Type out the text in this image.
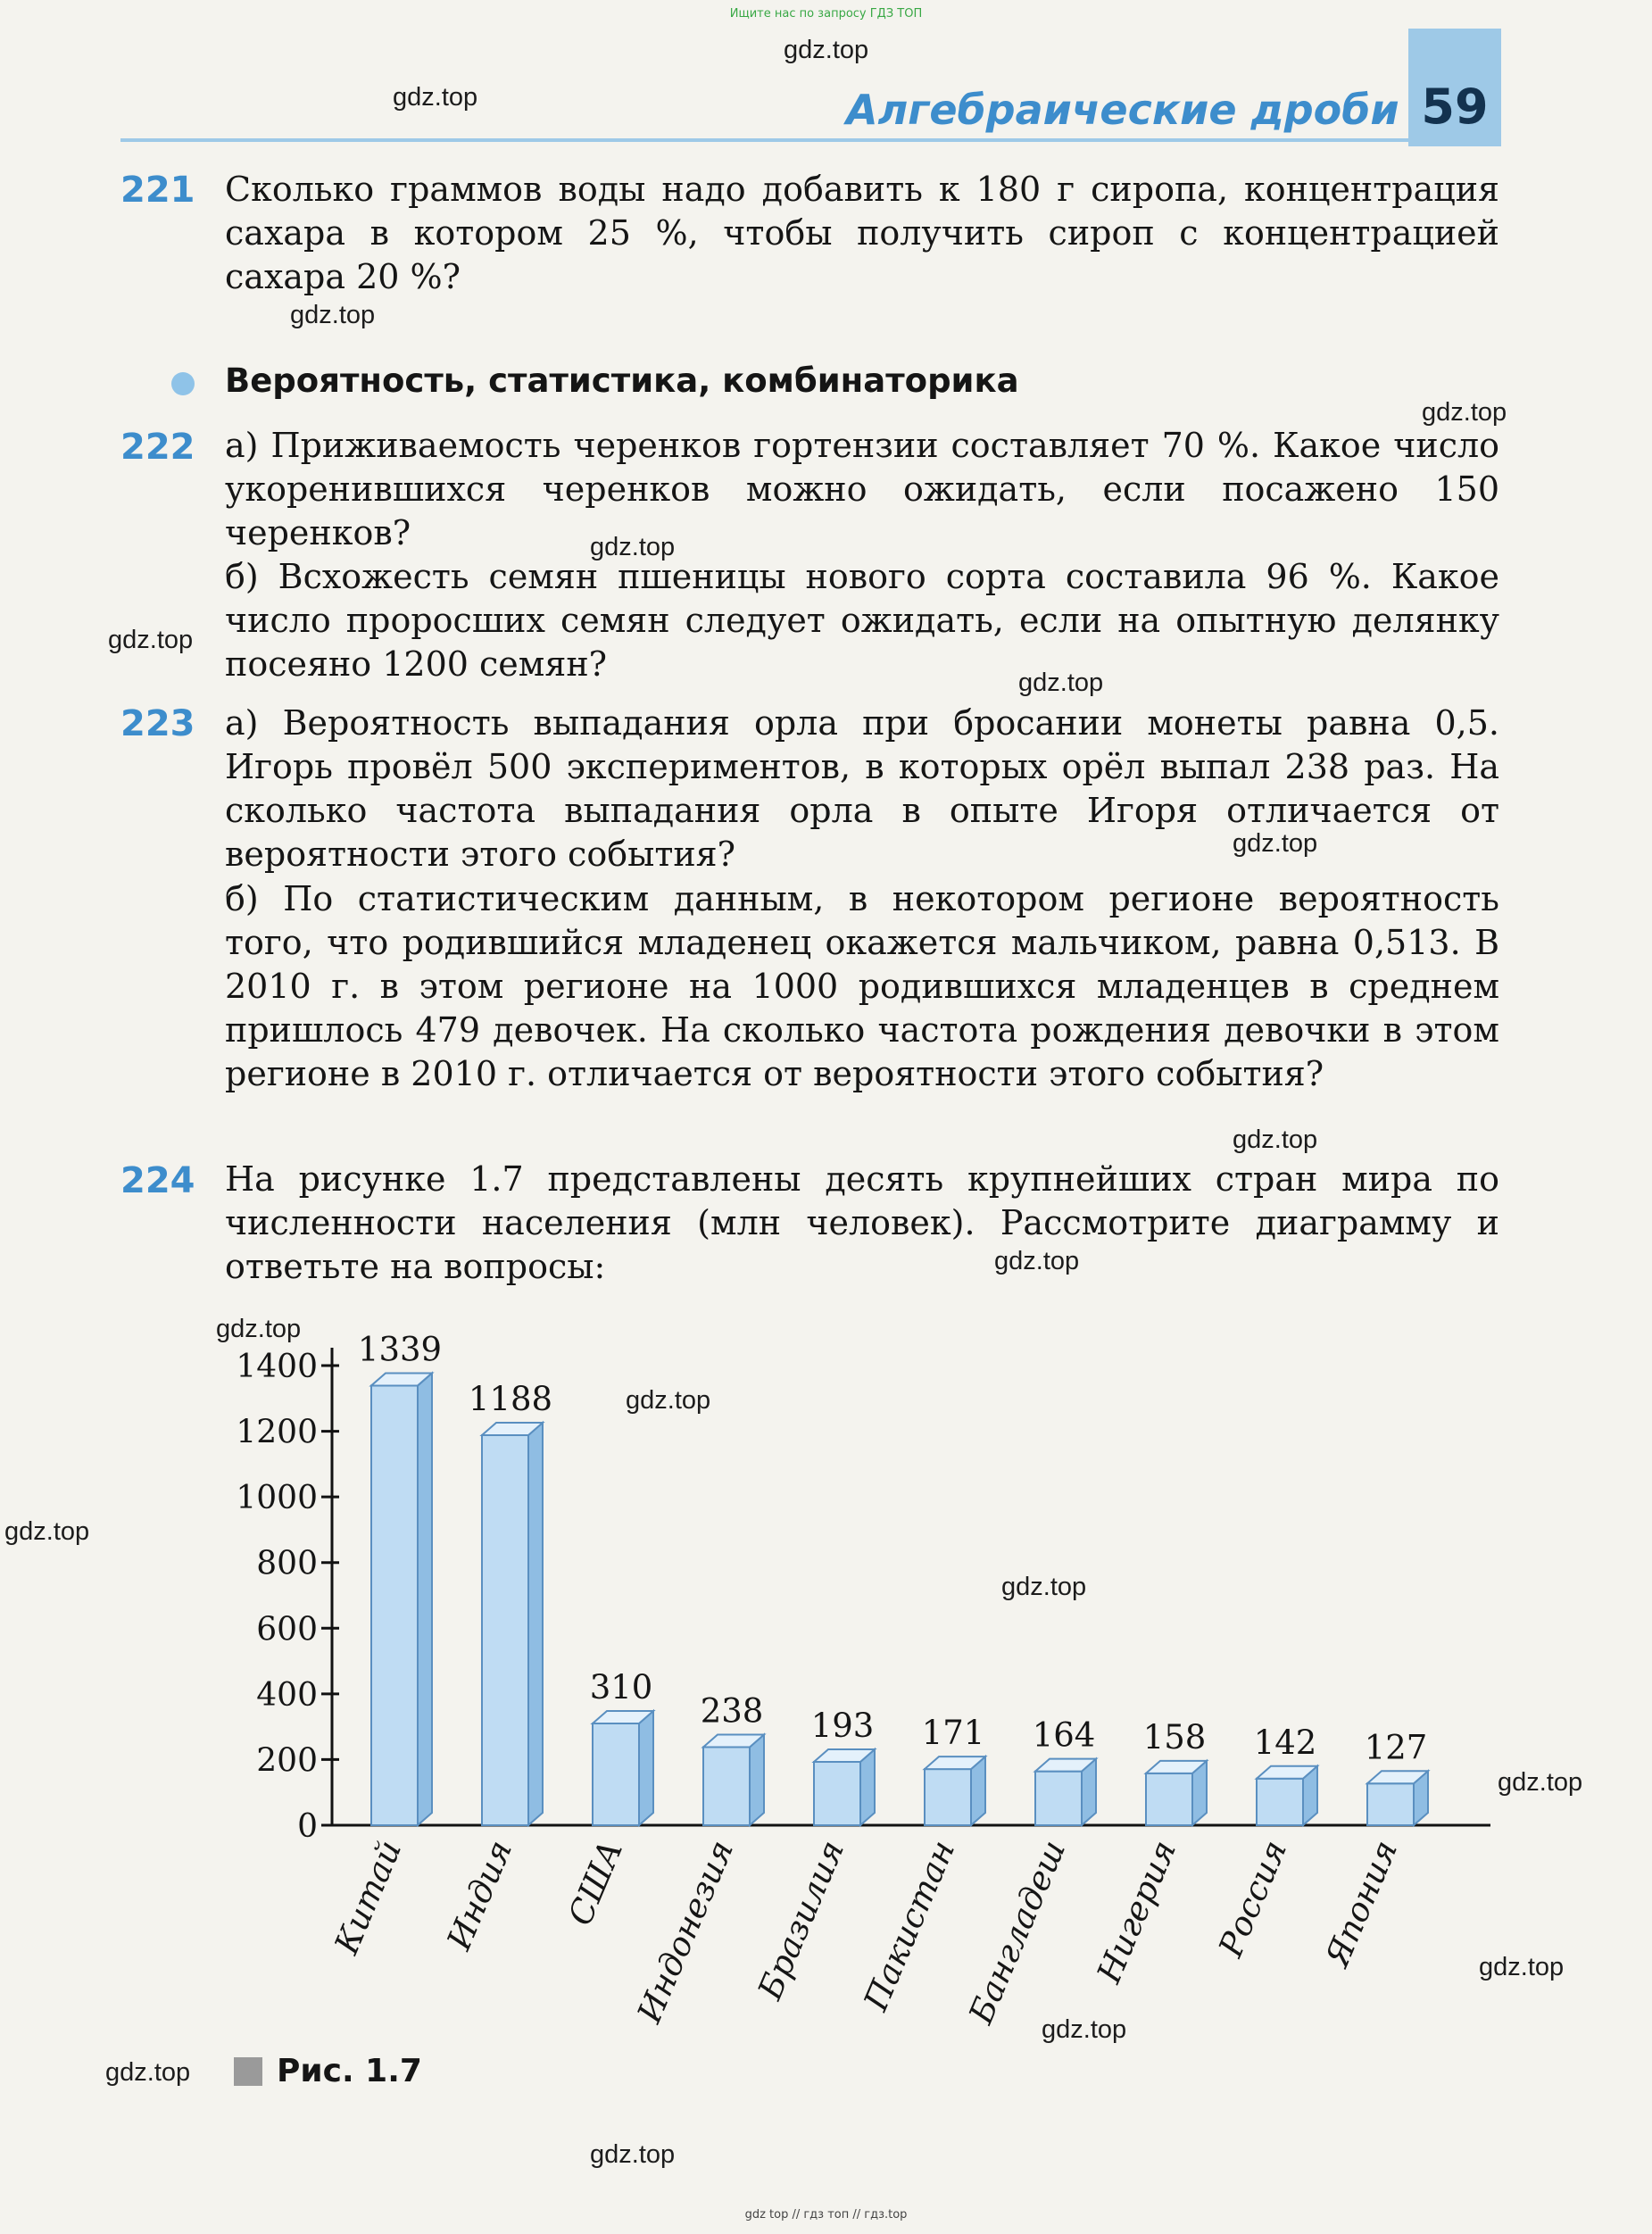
Ищите нас по запросу ГДЗ ТОП
59
Алгебраические дроби
221 Сколько граммов воды надо добавить к 180 г сиропа, концентрация сахара в котором 25 %, чтобы получить сироп с концентрацией сахара 20 %?

Вероятность, статистика, комбинаторика
222 а) Приживаемость черенков гортензии составляет 70 %. Какое число укоренившихся черенков можно ожидать, если посажено 150 черенков?

б) Всхожесть семян пшеницы нового сорта составила 96 %. Какое число проросших семян следует ожидать, если на опытную делянку посеяно 1200 семян?

223 а) Вероятность выпадания орла при бросании монеты равна 0,5. Игорь провёл 500 экспериментов, в которых орёл выпал 238 раз. На сколько частота выпадания орла в опыте Игоря отличается от вероятности этого события?

б) По статистическим данным, в некотором регионе вероятность того, что родившийся младенец окажется мальчиком, равна 0,513. В 2010 г. в этом регионе на 1000 родившихся младенцев в среднем пришлось 479 девочек. На сколько частота рождения девочки в этом регионе в 2010 г. отличается от вероятности этого события?

224 На рисунке 1.7 представлены десять крупнейших стран мира по численности населения (млн человек). Рассмотрите диаграмму и ответьте на вопросы:

1400
1200
1000
800
600
400
200
0
1339
Китай
1188
Индия
310
США
238
Индонезия
193
Бразилия
171
Пакистан
164
Бангладеш
158
Нигерия
142
Россия
127
Япония
Рис. 1.7
gdz.top
gdz.top
gdz.top
gdz.top
gdz.top
gdz.top
gdz.top
gdz.top
gdz.top
gdz.top
gdz.top
gdz.top
gdz.top
gdz.top
gdz.top
gdz.top
gdz.top
gdz.top
gdz.top
gdz top // гдз топ // гдз.top
